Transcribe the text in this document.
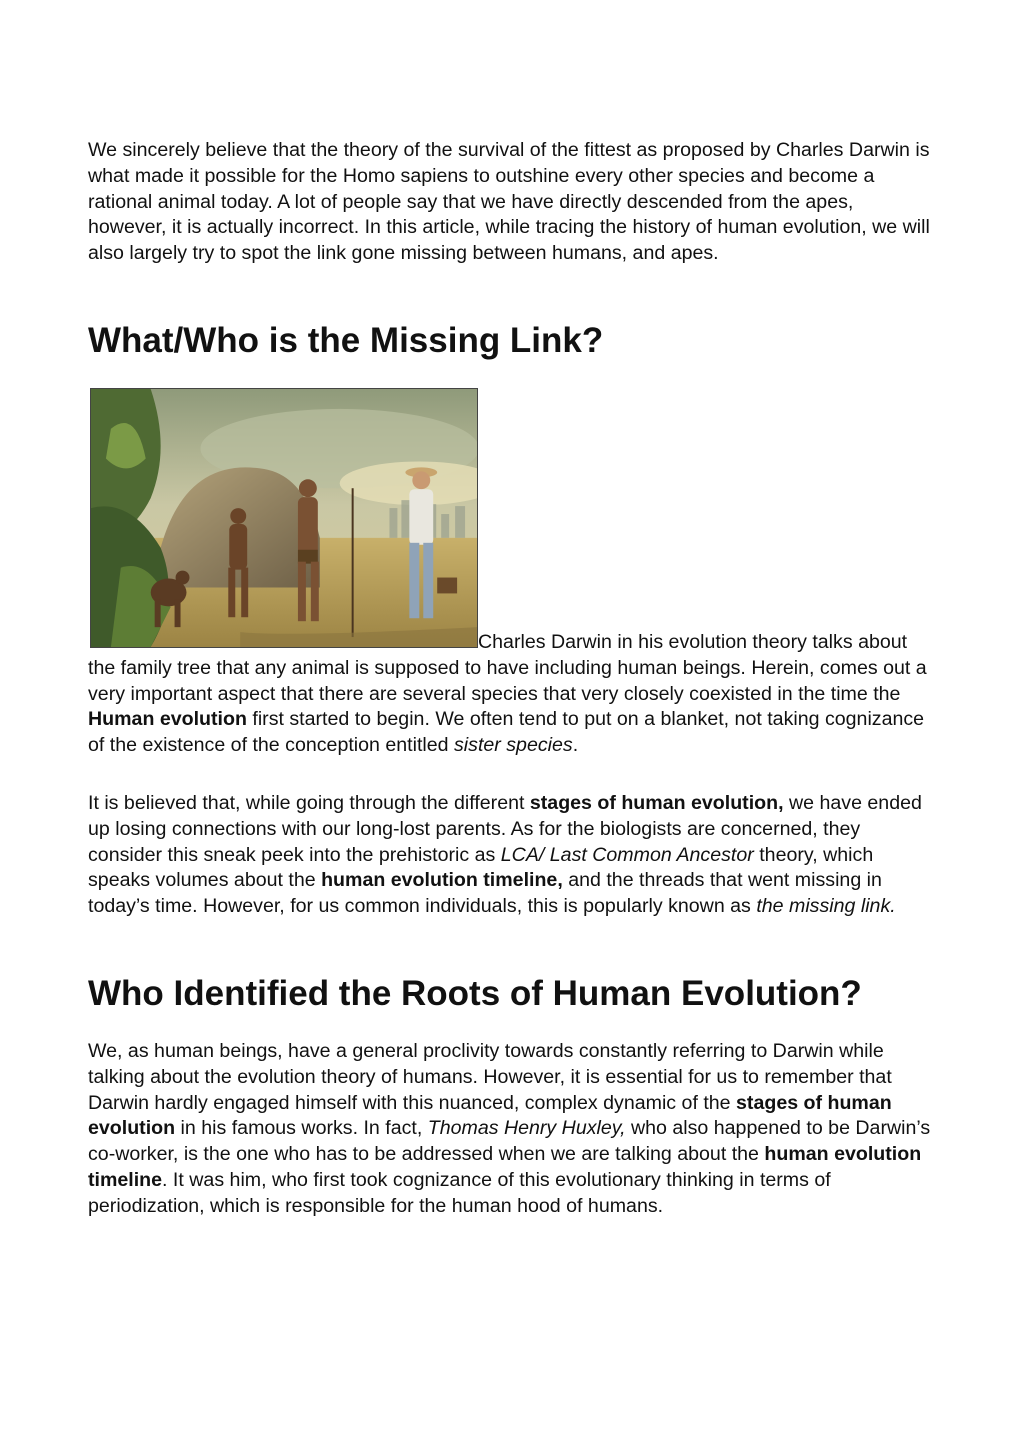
We sincerely believe that the theory of the survival of the fittest as proposed by Charles Darwin is what made it possible for the Homo sapiens to outshine every other species and become a rational animal today. A lot of people say that we have directly descended from the apes, however, it is actually incorrect. In this article, while tracing the history of human evolution, we will also largely try to spot the link gone missing between humans, and apes.

What/Who is the Missing Link?

Charles Darwin in his evolution theory talks about the family tree that any animal is supposed to have including human beings. Herein, comes out a very important aspect that there are several species that very closely coexisted in the time the Human evolution first started to begin. We often tend to put on a blanket, not taking cognizance of the existence of the conception entitled sister species.

It is believed that, while going through the different stages of human evolution, we have ended up losing connections with our long-lost parents. As for the biologists are concerned, they consider this sneak peek into the prehistoric as LCA/ Last Common Ancestor theory, which speaks volumes about the human evolution timeline, and the threads that went missing in today’s time. However, for us common individuals, this is popularly known as the missing link.

Who Identified the Roots of Human Evolution?

We, as human beings, have a general proclivity towards constantly referring to Darwin while talking about the evolution theory of humans. However, it is essential for us to remember that Darwin hardly engaged himself with this nuanced, complex dynamic of the stages of human evolution in his famous works. In fact, Thomas Henry Huxley, who also happened to be Darwin’s co-worker, is the one who has to be addressed when we are talking about the human evolution timeline. It was him, who first took cognizance of this evolutionary thinking in terms of periodization, which is responsible for the human hood of humans.
